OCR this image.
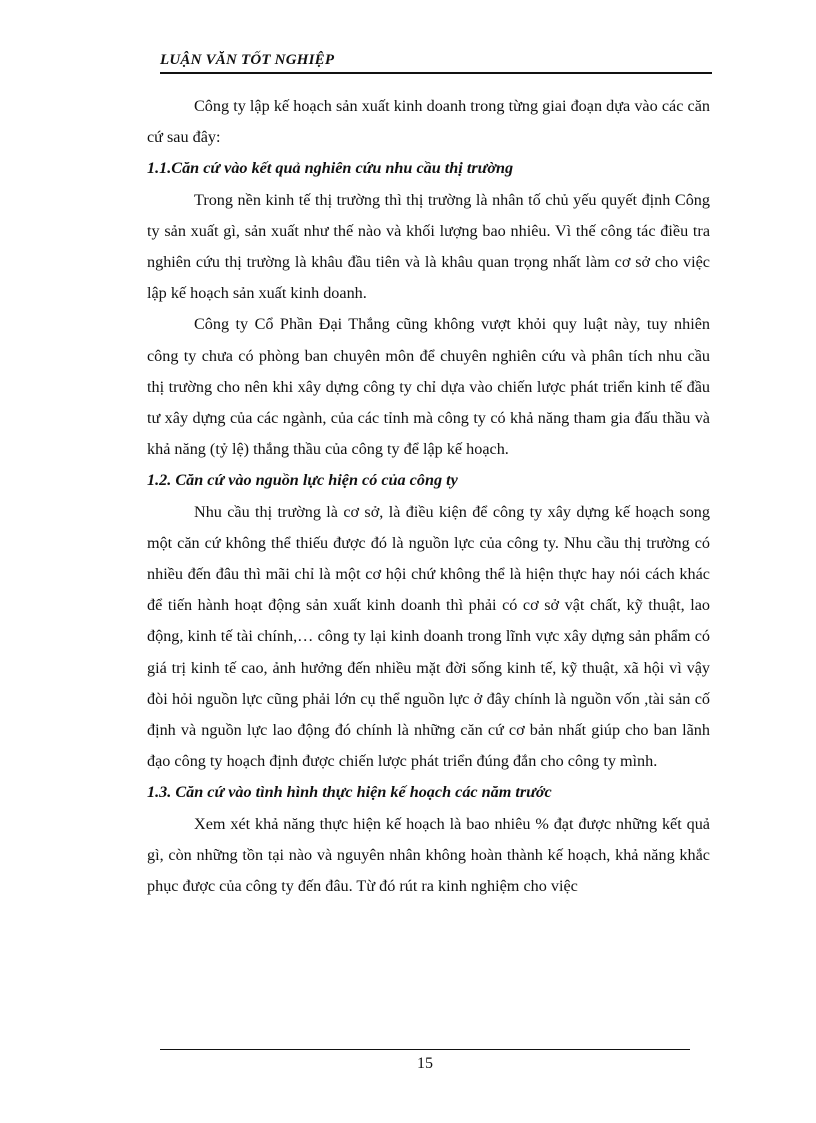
LUẬN VĂN TỐT NGHIỆP

Công ty lập kế hoạch sản xuất kinh doanh trong từng giai đoạn dựa vào các căn cứ sau đây:

1.1.Căn cứ vào kết quả nghiên cứu nhu cầu thị trường

Trong nền kinh tế thị trường thì thị trường là nhân tố chủ yếu quyết định Công ty sản xuất gì, sản xuất như thế nào và khối lượng bao nhiêu. Vì thế công tác điều tra nghiên cứu thị trường là khâu đầu tiên và là khâu quan trọng nhất làm cơ sở cho việc lập kế hoạch sản xuất kinh doanh.

Công ty Cổ Phần Đại Thắng cũng không vượt khỏi quy luật này, tuy nhiên công ty chưa có phòng ban chuyên môn để chuyên nghiên cứu và phân tích nhu cầu thị trường cho nên khi xây dựng công ty chỉ dựa vào chiến lược phát triển kinh tế đầu tư xây dựng của các ngành, của các tỉnh mà công ty có khả năng tham gia đấu thầu và khả năng (tỷ lệ) thắng thầu của công ty để lập kế hoạch.

1.2. Căn cứ vào nguồn lực hiện có của công ty

Nhu cầu thị trường là cơ sở, là điều kiện để công ty xây dựng kế hoạch song một căn cứ không thể thiếu được đó là nguồn lực của công ty. Nhu cầu thị trường có nhiều đến đâu thì mãi chỉ là một cơ hội chứ không thể là hiện thực hay nói cách khác để tiến hành hoạt động sản xuất kinh doanh thì phải có cơ sở vật chất, kỹ thuật, lao động, kinh tế tài chính,… công ty lại kinh doanh trong lĩnh vực xây dựng sản phẩm có giá trị kinh tế cao, ảnh hưởng đến nhiều mặt đời sống kinh tế, kỹ thuật, xã hội vì vậy đòi hỏi nguồn lực cũng phải lớn cụ thể nguồn lực ở đây chính là nguồn vốn ,tài sản cố định và nguồn lực lao động đó chính là những căn cứ cơ bản nhất giúp cho ban lãnh đạo công ty hoạch định được chiến lược phát triển đúng đắn cho công ty mình.

1.3. Căn cứ vào tình hình thực hiện kế hoạch các năm trước

Xem xét khả năng thực hiện kế hoạch là bao nhiêu % đạt được những kết quả gì, còn những tồn tại nào và nguyên nhân không hoàn thành kế hoạch, khả năng khắc phục được của công ty đến đâu. Từ đó rút ra kinh nghiệm cho việc

15
